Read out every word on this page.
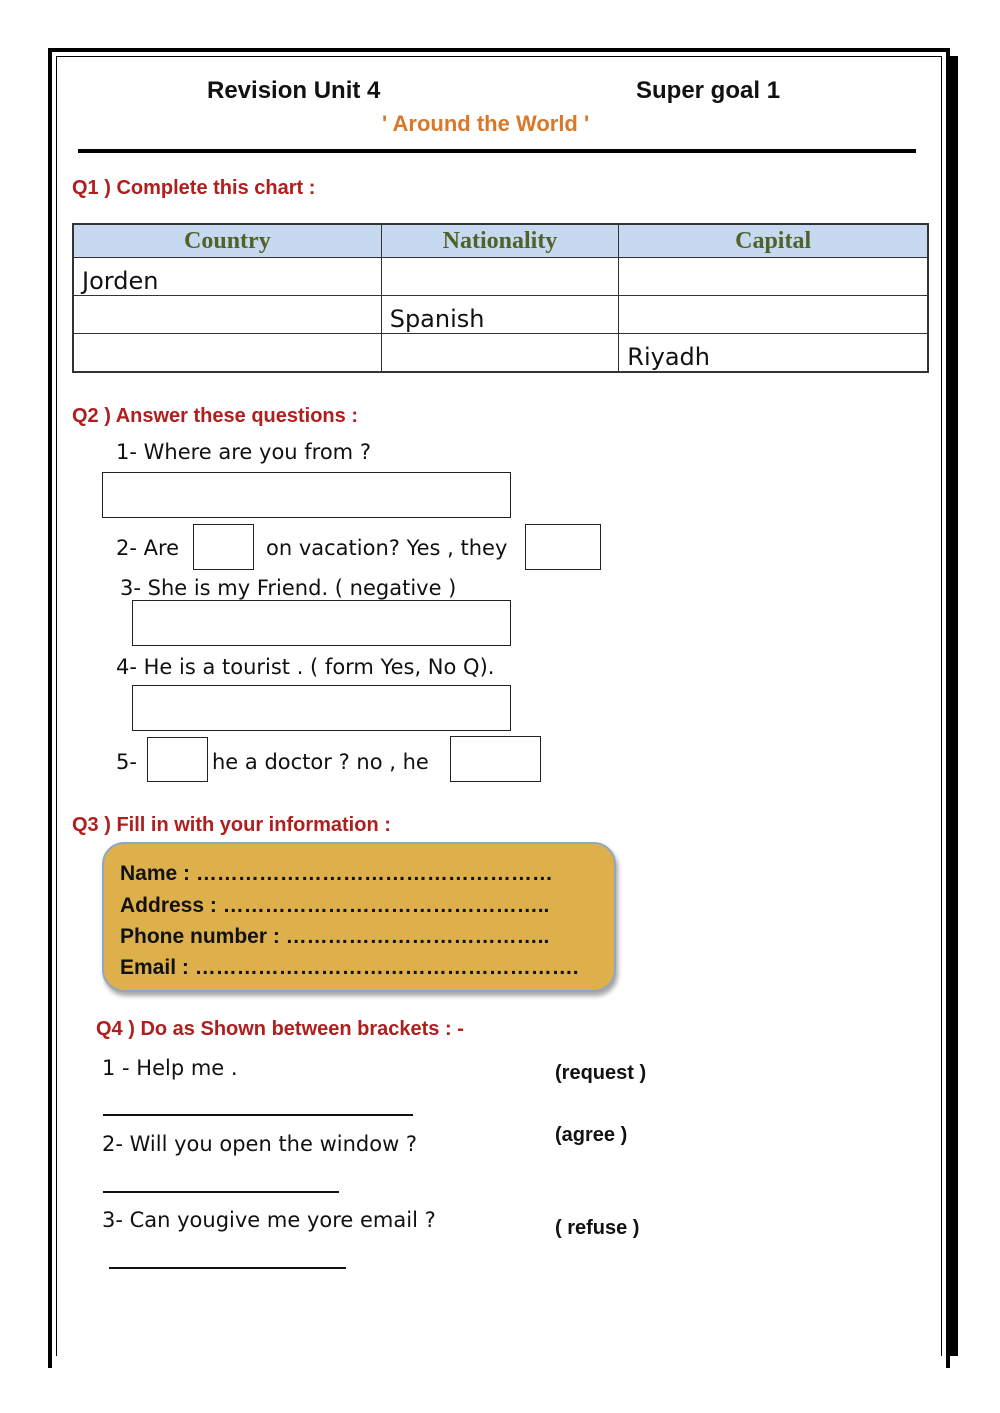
Revision Unit 4	Super goal 1
' Around the World '
Q1 ) Complete this chart :
Country	Nationality	Capital
Jorden		
	Spanish	
		Riyadh
Q2 ) Answer these questions :
1- Where are you from ?
2- Are	on vacation? Yes , they
3- She is my Friend. ( negative )
4- He is a tourist . ( form Yes, No Q).
5-	he a doctor ? no , he
Q3 ) Fill in with your information :
Name : ……………………………………………
Address : ………………………………………..
Phone number : ………………………………..
Email : ……………………………………………….
Q4 ) Do as Shown between brackets : -
1 - Help me .	(request )
2- Will you open the window ?	(agree )
3- Can yougive me yore email ?	( refuse )
